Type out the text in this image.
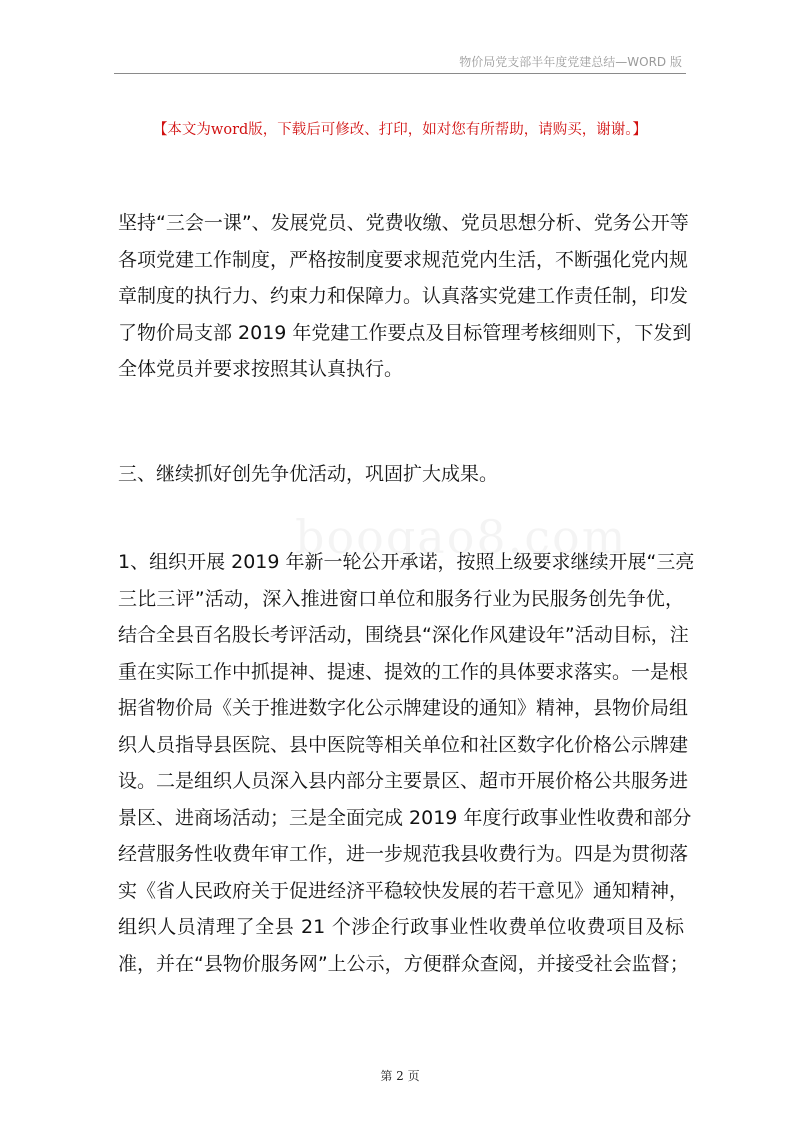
物价局党支部半年度党建总结—WORD 版
【本文为word版，下载后可修改、打印，如对您有所帮助，请购买，谢谢。】
坚持“三会一课”、发展党员、党费收缴、党员思想分析、党务公开等
各项党建工作制度，严格按制度要求规范党内生活，不断强化党内规
章制度的执行力、约束力和保障力。认真落实党建工作责任制，印发
了物价局支部 2019 年党建工作要点及目标管理考核细则下，下发到
全体党员并要求按照其认真执行。
三、继续抓好创先争优活动，巩固扩大成果。
1、组织开展 2019 年新一轮公开承诺，按照上级要求继续开展“三亮
三比三评”活动，深入推进窗口单位和服务行业为民服务创先争优，
结合全县百名股长考评活动，围绕县“深化作风建设年”活动目标，注
重在实际工作中抓提神、提速、提效的工作的具体要求落实。一是根
据省物价局《关于推进数字化公示牌建设的通知》精神，县物价局组
织人员指导县医院、县中医院等相关单位和社区数字化价格公示牌建
设。二是组织人员深入县内部分主要景区、超市开展价格公共服务进
景区、进商场活动；三是全面完成 2019 年度行政事业性收费和部分
经营服务性收费年审工作，进一步规范我县收费行为。四是为贯彻落
实《省人民政府关于促进经济平稳较快发展的若干意见》通知精神，
组织人员清理了全县 21 个涉企行政事业性收费单位收费项目及标
准，并在“县物价服务网”上公示，方便群众查阅，并接受社会监督；
第 2 页
